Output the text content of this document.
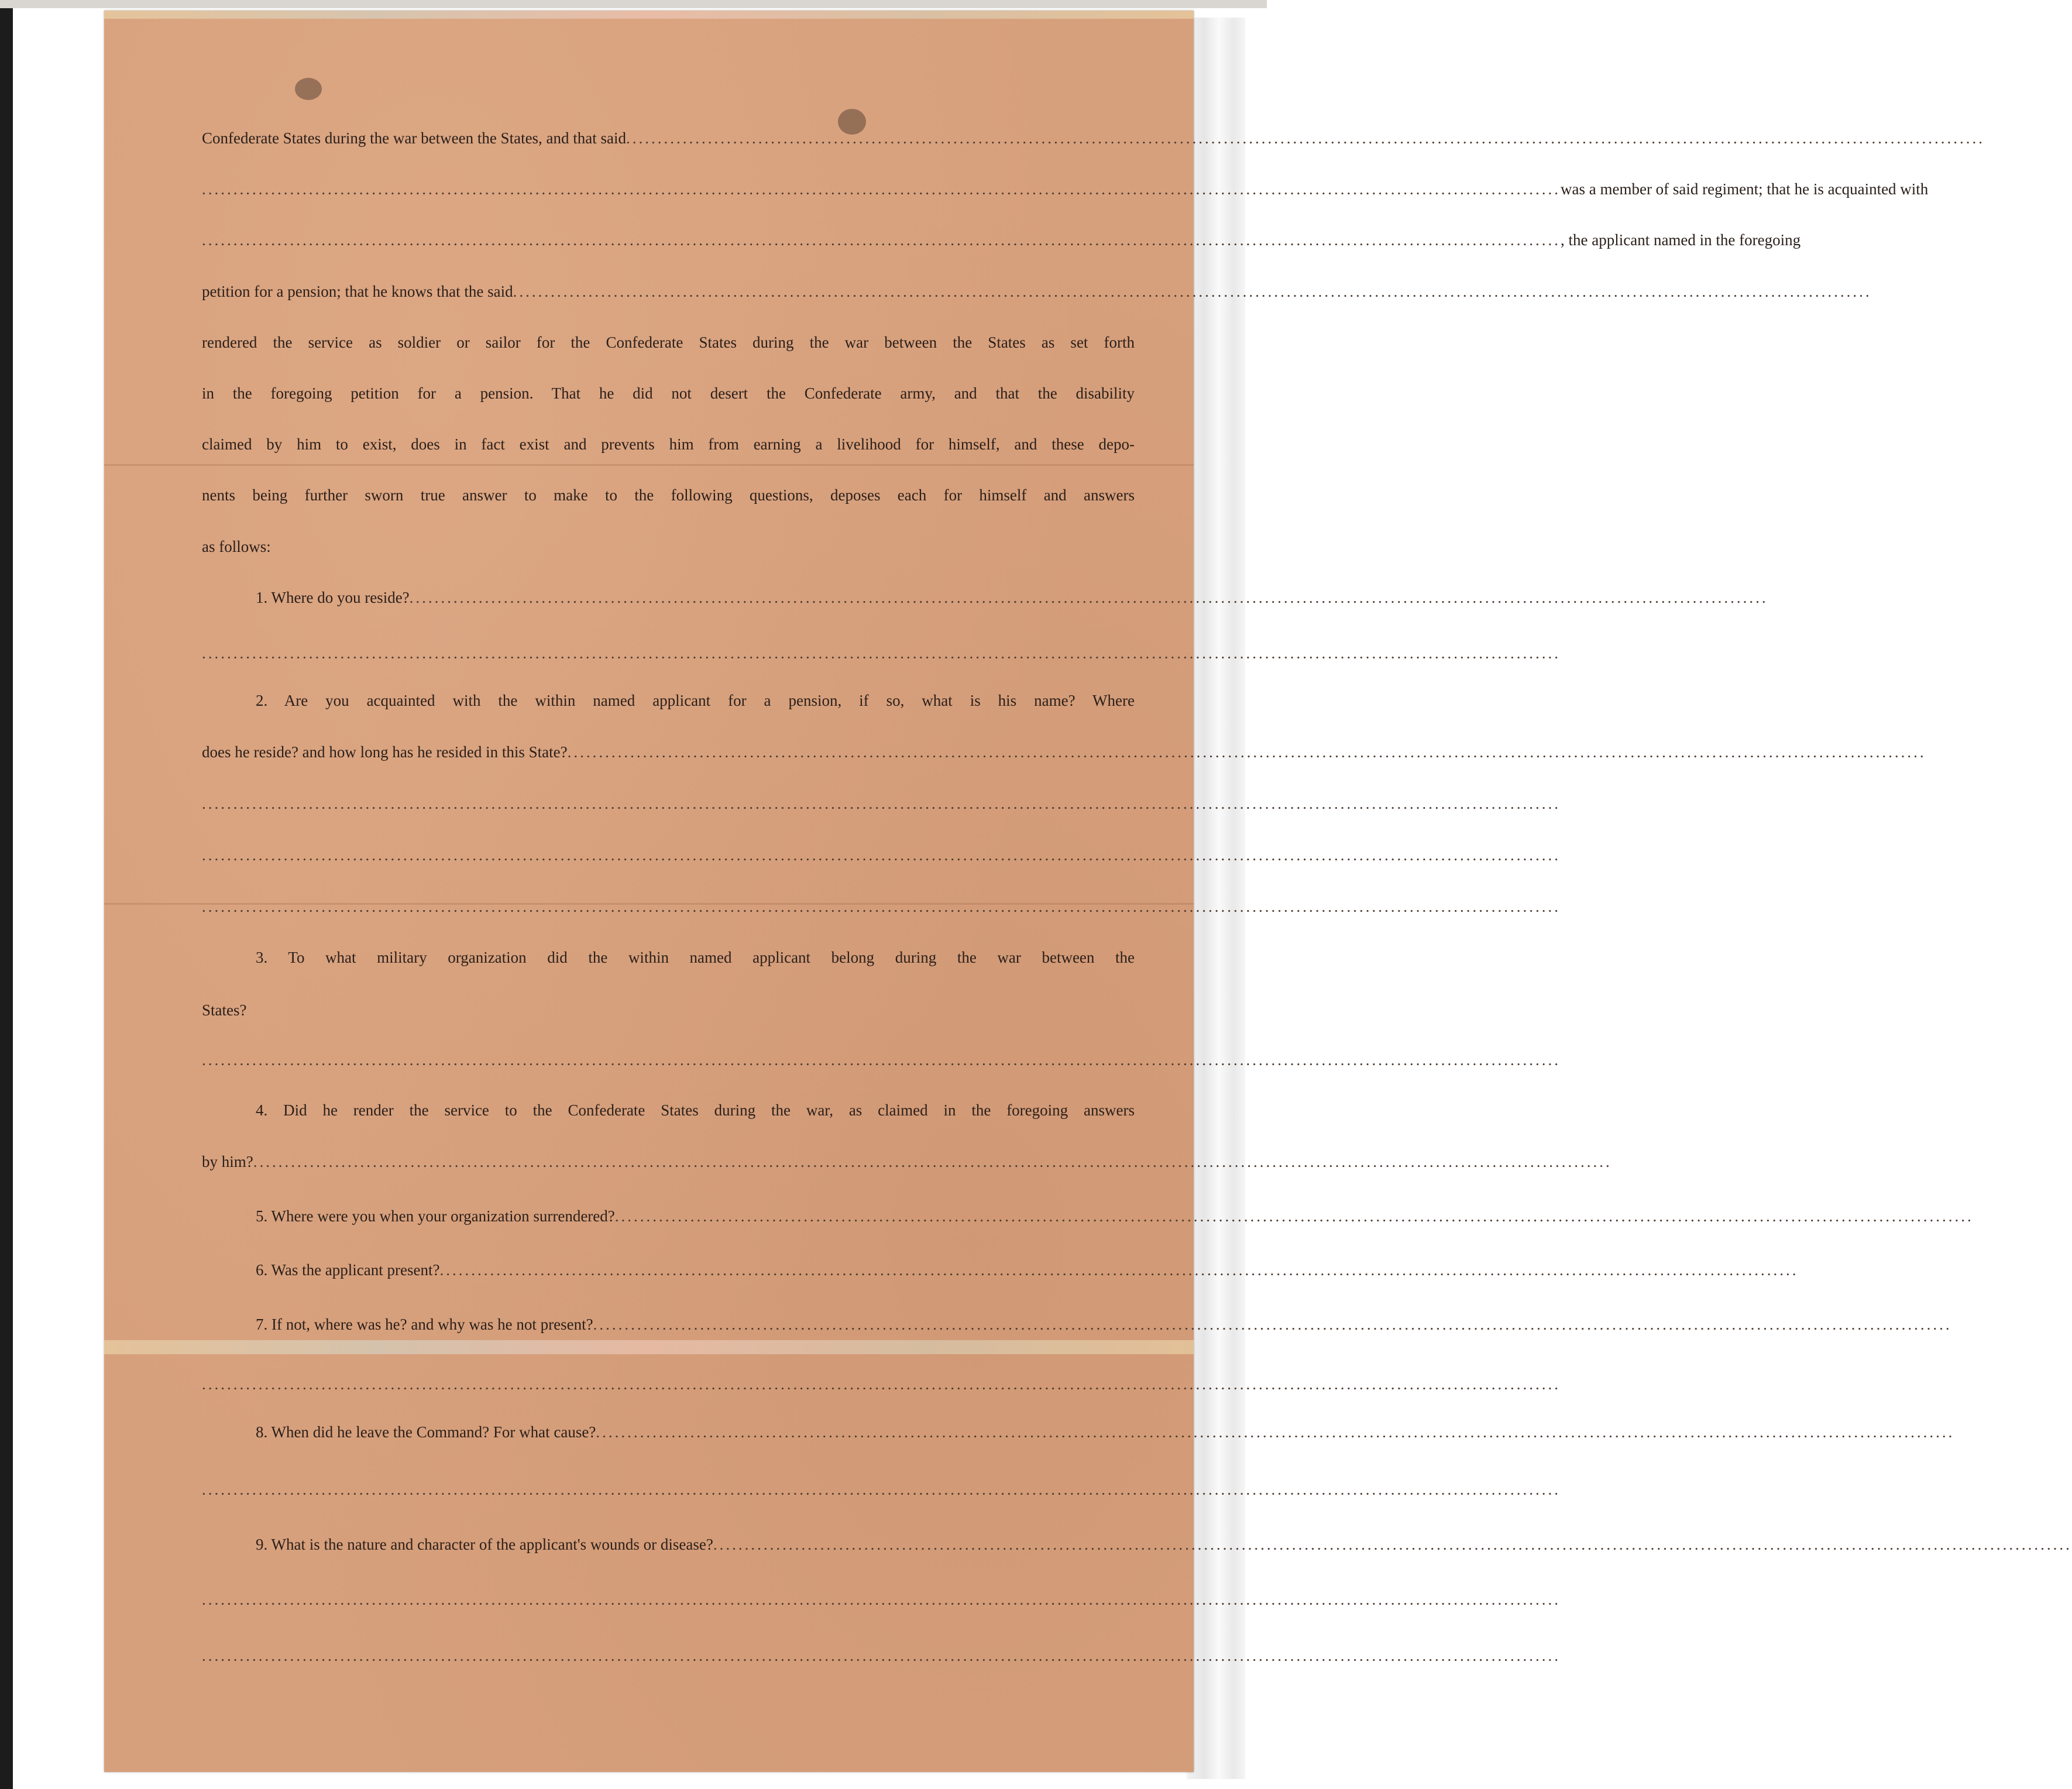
Confederate States during the war between the States, and that said ........................................................................................................................................................................................................................
........................................................................................................................................................................................................................ was a member of said regiment; that he is acquainted with
........................................................................................................................................................................................................................ , the applicant named in the foregoing
petition for a pension; that he knows that the said ........................................................................................................................................................................................................................
rendered the service as soldier or sailor for the Confederate States during the war between the States as set forth
in the foregoing petition for a pension. That he did not desert the Confederate army, and that the disability
claimed by him to exist, does in fact exist and prevents him from earning a livelihood for himself, and these depo-
nents being further sworn true answer to make to the following questions, deposes each for himself and answers
as follows:
1. Where do you reside? ........................................................................................................................................................................................................................
........................................................................................................................................................................................................................
2. Are you acquainted with the within named applicant for a pension, if so, what is his name? Where
does he reside? and how long has he resided in this State? ........................................................................................................................................................................................................................
........................................................................................................................................................................................................................
........................................................................................................................................................................................................................
........................................................................................................................................................................................................................
3. To what military organization did the within named applicant belong during the war between the
States?
........................................................................................................................................................................................................................
4. Did he render the service to the Confederate States during the war, as claimed in the foregoing answers
by him? ........................................................................................................................................................................................................................
5. Where were you when your organization surrendered? ........................................................................................................................................................................................................................
6. Was the applicant present? ........................................................................................................................................................................................................................
7. If not, where was he? and why was he not present? ........................................................................................................................................................................................................................
........................................................................................................................................................................................................................
8. When did he leave the Command? For what cause? ........................................................................................................................................................................................................................
........................................................................................................................................................................................................................
9. What is the nature and character of the applicant's wounds or disease? ........................................................................................................................................................................................................................
........................................................................................................................................................................................................................
........................................................................................................................................................................................................................
